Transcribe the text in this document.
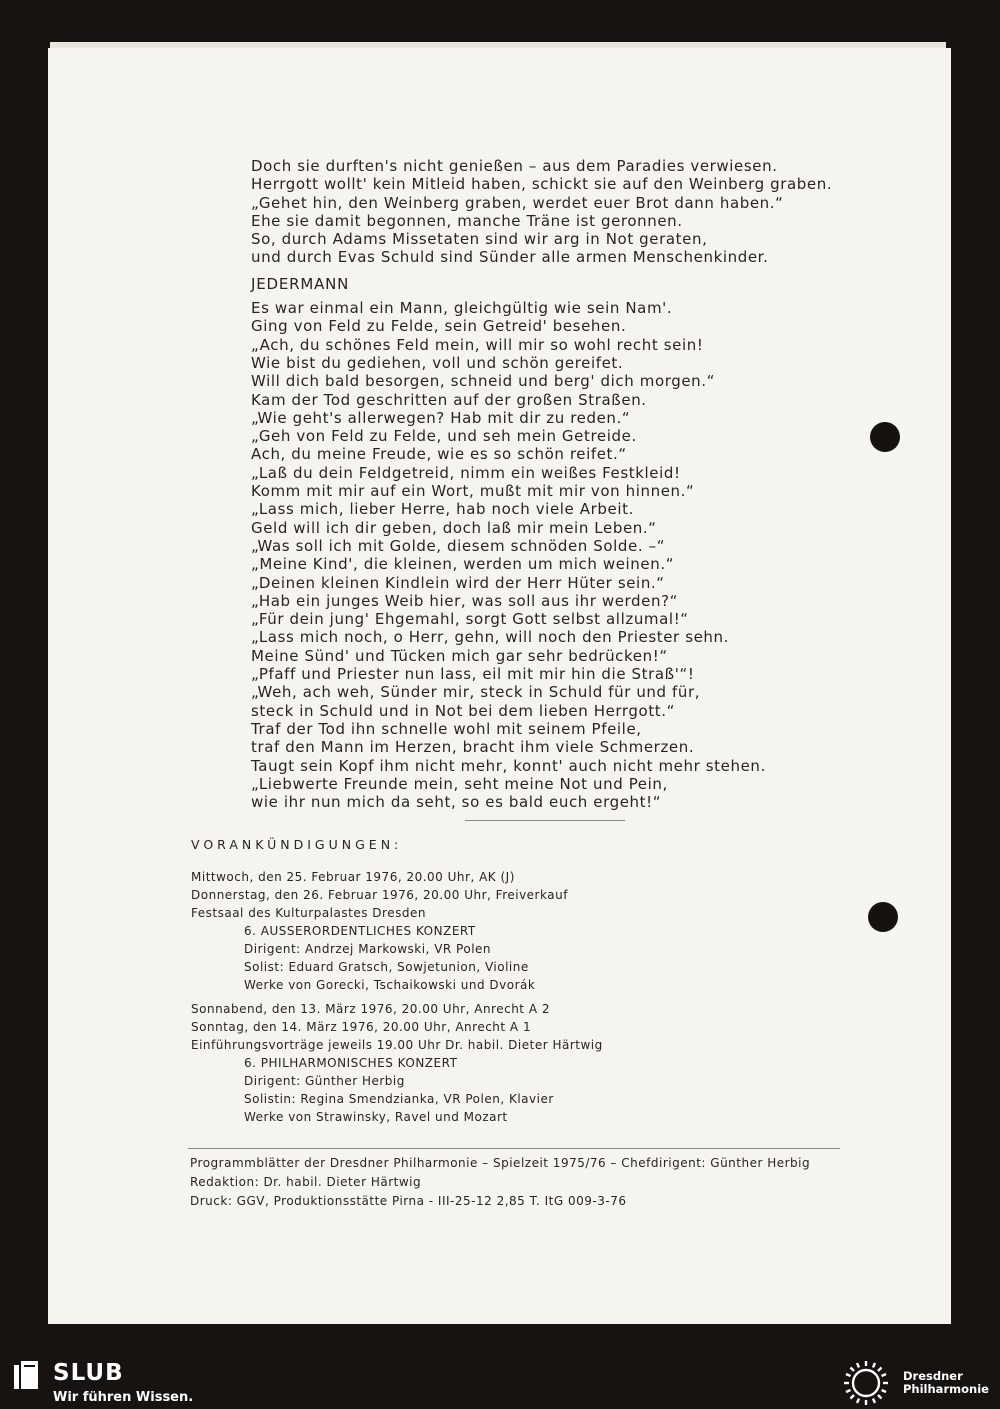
Doch sie durften's nicht genießen – aus dem Paradies verwiesen.
Herrgott wollt' kein Mitleid haben, schickt sie auf den Weinberg graben.
„Gehet hin, den Weinberg graben, werdet euer Brot dann haben.“
Ehe sie damit begonnen, manche Träne ist geronnen.
So, durch Adams Missetaten sind wir arg in Not geraten,
und durch Evas Schuld sind Sünder alle armen Menschenkinder.
JEDERMANN
Es war einmal ein Mann, gleichgültig wie sein Nam'.
Ging von Feld zu Felde, sein Getreid' besehen.
„Ach, du schönes Feld mein, will mir so wohl recht sein!
Wie bist du gediehen, voll und schön gereifet.
Will dich bald besorgen, schneid und berg' dich morgen.“
Kam der Tod geschritten auf der großen Straßen.
„Wie geht's allerwegen? Hab mit dir zu reden.“
„Geh von Feld zu Felde, und seh mein Getreide.
Ach, du meine Freude, wie es so schön reifet.“
„Laß du dein Feldgetreid, nimm ein weißes Festkleid!
Komm mit mir auf ein Wort, mußt mit mir von hinnen.“
„Lass mich, lieber Herre, hab noch viele Arbeit.
Geld will ich dir geben, doch laß mir mein Leben.“
„Was soll ich mit Golde, diesem schnöden Solde. –“
„Meine Kind', die kleinen, werden um mich weinen.“
„Deinen kleinen Kindlein wird der Herr Hüter sein.“
„Hab ein junges Weib hier, was soll aus ihr werden?“
„Für dein jung' Ehgemahl, sorgt Gott selbst allzumal!“
„Lass mich noch, o Herr, gehn, will noch den Priester sehn.
Meine Sünd' und Tücken mich gar sehr bedrücken!“
„Pfaff und Priester nun lass, eil mit mir hin die Straß'“!
„Weh, ach weh, Sünder mir, steck in Schuld für und für,
steck in Schuld und in Not bei dem lieben Herrgott.“
Traf der Tod ihn schnelle wohl mit seinem Pfeile,
traf den Mann im Herzen, bracht ihm viele Schmerzen.
Taugt sein Kopf ihm nicht mehr, konnt' auch nicht mehr stehen.
„Liebwerte Freunde mein, seht meine Not und Pein,
wie ihr nun mich da seht, so es bald euch ergeht!“
VORANKÜNDIGUNGEN:
Mittwoch, den 25. Februar 1976, 20.00 Uhr, AK (J)
Donnerstag, den 26. Februar 1976, 20.00 Uhr, Freiverkauf
Festsaal des Kulturpalastes Dresden
6. AUSSERORDENTLICHES KONZERT
Dirigent: Andrzej Markowski, VR Polen
Solist: Eduard Gratsch, Sowjetunion, Violine
Werke von Gorecki, Tschaikowski und Dvorák
Sonnabend, den 13. März 1976, 20.00 Uhr, Anrecht A 2
Sonntag, den 14. März 1976, 20.00 Uhr, Anrecht A 1
Einführungsvorträge jeweils 19.00 Uhr Dr. habil. Dieter Härtwig
6. PHILHARMONISCHES KONZERT
Dirigent: Günther Herbig
Solistin: Regina Smendzianka, VR Polen, Klavier
Werke von Strawinsky, Ravel und Mozart
Programmblätter der Dresdner Philharmonie – Spielzeit 1975/76 – Chefdirigent: Günther Herbig
Redaktion: Dr. habil. Dieter Härtwig
Druck: GGV, Produktionsstätte Pirna - III-25-12 2,85 T. ItG 009-3-76
SLUB
Wir führen Wissen.
Dresdner
Philharmonie
